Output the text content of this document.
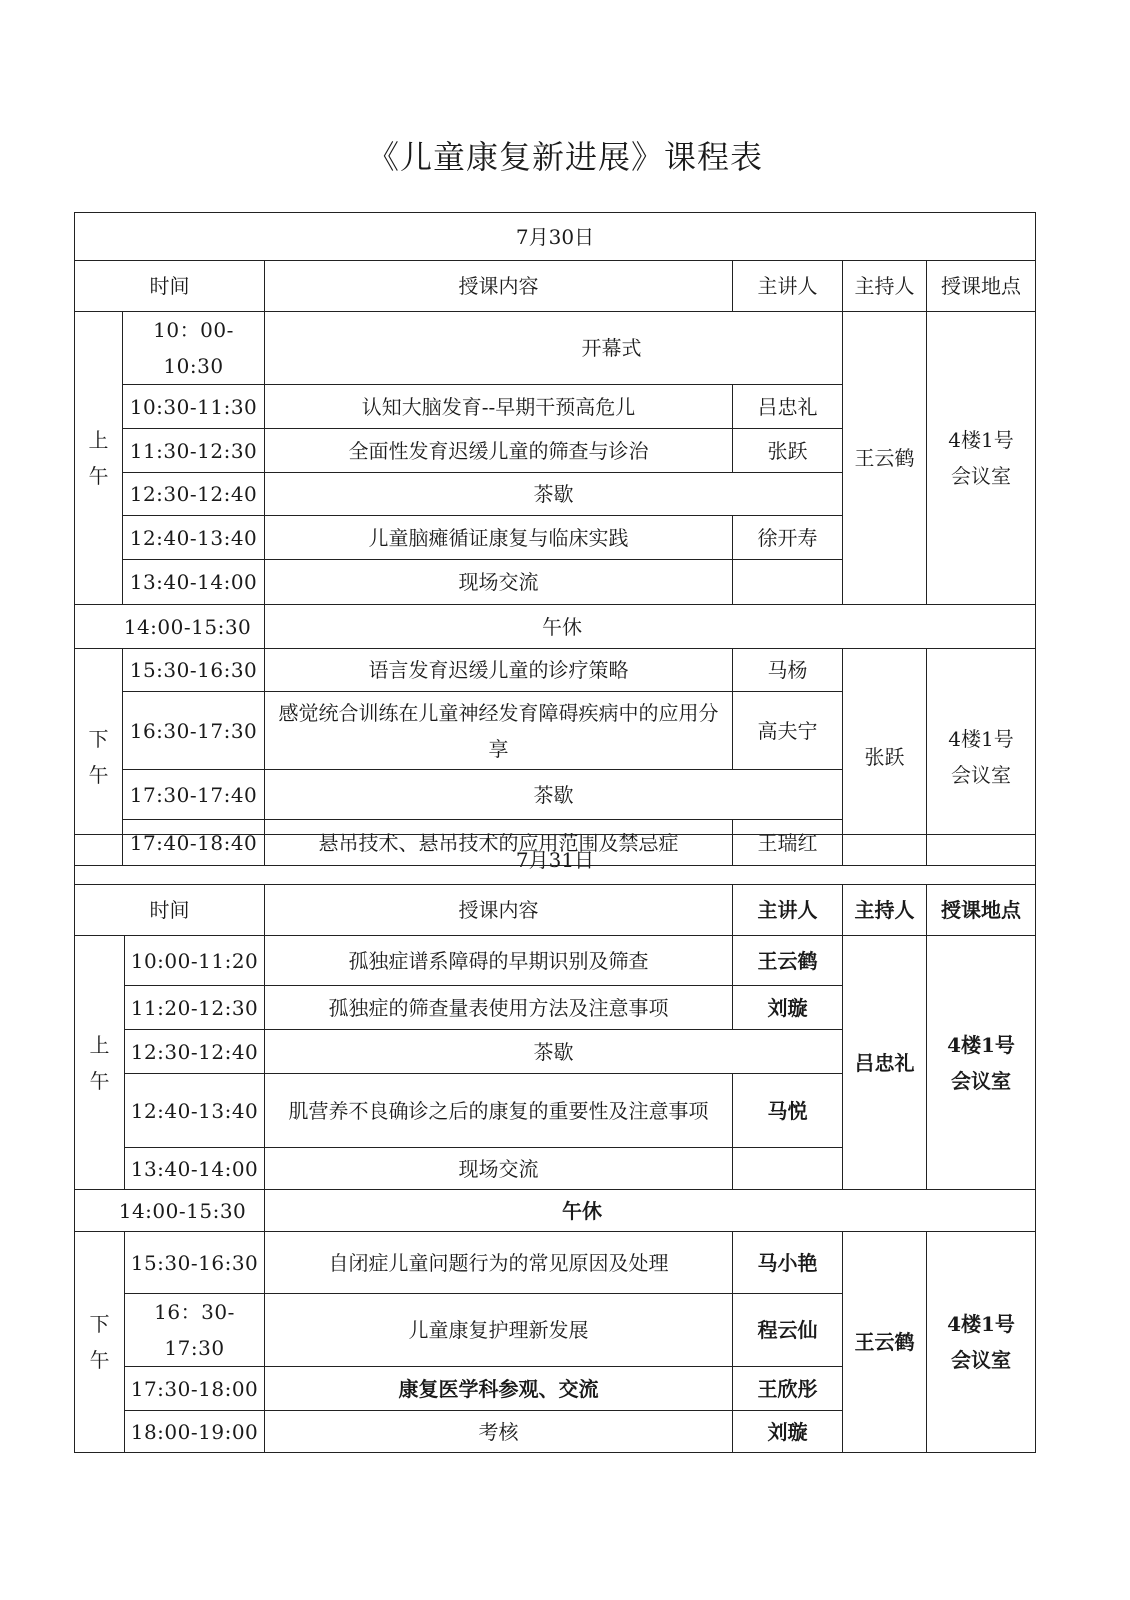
《儿童康复新进展》课程表
7月30日					
时间		授课内容	主讲人	主持人	授课地点
上午	10：00-10:30	开幕式		王云鹤	4楼1号
会议室
	10:30-11:30	认知大脑发育--早期干预高危儿	吕忠礼		
	11:30-12:30	全面性发育迟缓儿童的筛查与诊治	张跃		
	12:30-12:40	茶歇			
	12:40-13:40	儿童脑瘫循证康复与临床实践	徐开寿		
	13:40-14:00	现场交流			
14:00-15:30		午休			
下午	15:30-16:30	语言发育迟缓儿童的诊疗策略	马杨	张跃	4楼1号
会议室
	16:30-17:30	感觉统合训练在儿童神经发育障碍疾病中的应用分享	高夫宁		
	17:30-17:40	茶歇			
	17:40-18:40	悬吊技术、悬吊技术的应用范围及禁忌症	王瑞红		
7月31日					
时间		授课内容	主讲人	主持人	授课地点
上午	10:00-11:20	孤独症谱系障碍的早期识别及筛查	王云鹤	吕忠礼	4楼1号
会议室
	11:20-12:30	孤独症的筛查量表使用方法及注意事项	刘璇		
	12:30-12:40	茶歇			
	12:40-13:40	肌营养不良确诊之后的康复的重要性及注意事项	马悦		
	13:40-14:00	现场交流			
14:00-15:30		午休			
下午	15:30-16:30	自闭症儿童问题行为的常见原因及处理	马小艳	王云鹤	4楼1号
会议室
	16：30-17:30	儿童康复护理新发展	程云仙		
	17:30-18:00	康复医学科参观、交流	王欣彤		
	18:00-19:00	考核	刘璇		
